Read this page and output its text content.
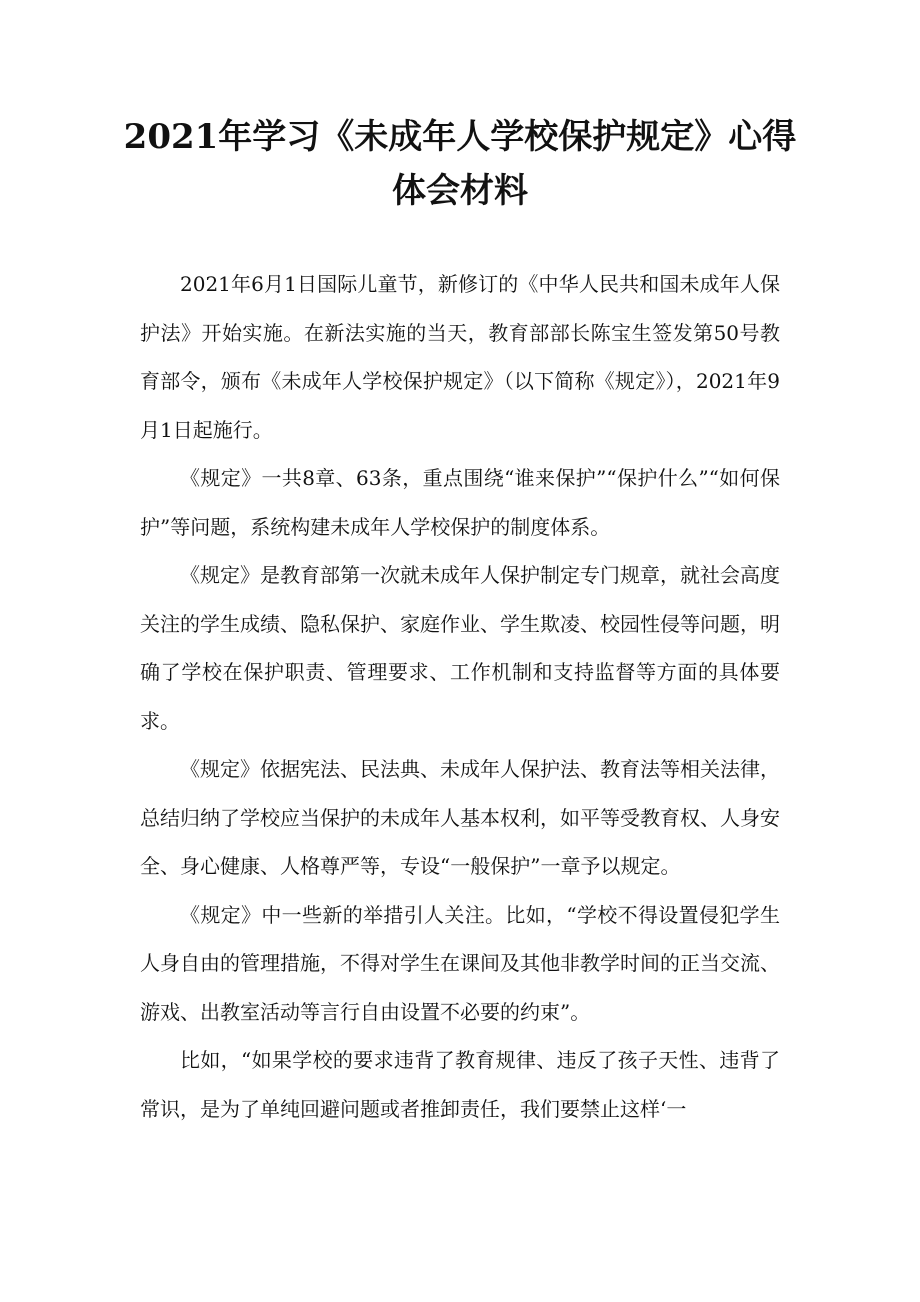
2021年学习《未成年人学校保护规定》心得
体会材料

2021年6月1日国际儿童节，新修订的《中华人民共和国未成年人保护法》开始实施。在新法实施的当天，教育部部长陈宝生签发第50号教育部令，颁布《未成年人学校保护规定》（以下简称《规定》），2021年9月1日起施行。

《规定》一共8章、63条，重点围绕“谁来保护”“保护什么”“如何保护”等问题，系统构建未成年人学校保护的制度体系。

《规定》是教育部第一次就未成年人保护制定专门规章，就社会高度关注的学生成绩、隐私保护、家庭作业、学生欺凌、校园性侵等问题，明确了学校在保护职责、管理要求、工作机制和支持监督等方面的具体要求。

《规定》依据宪法、民法典、未成年人保护法、教育法等相关法律，总结归纳了学校应当保护的未成年人基本权利，如平等受教育权、人身安全、身心健康、人格尊严等，专设“一般保护”一章予以规定。

《规定》中一些新的举措引人关注。比如，“学校不得设置侵犯学生人身自由的管理措施，不得对学生在课间及其他非教学时间的正当交流、游戏、出教室活动等言行自由设置不必要的约束”。

比如，“如果学校的要求违背了教育规律、违反了孩子天性、违背了常识，是为了单纯回避问题或者推卸责任，我们要禁止这样‘一
